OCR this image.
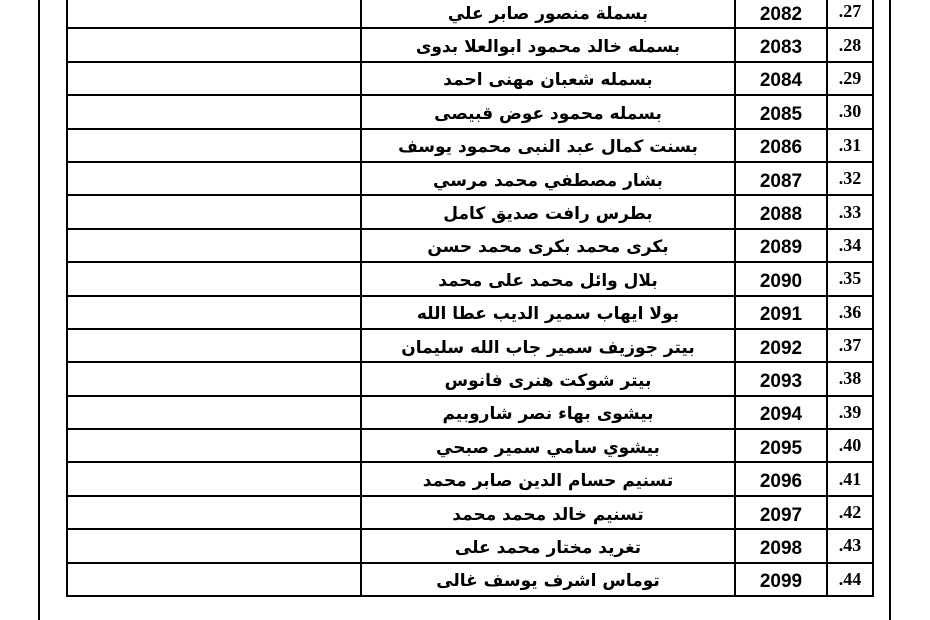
	بسملة منصور صابر علي	2082	.27
	بسمله خالد محمود ابوالعلا بدوى	2083	.28
	بسمله شعبان مهنى احمد	2084	.29
	بسمله محمود عوض قبيصى	2085	.30
	بسنت كمال عبد النبى محمود يوسف	2086	.31
	بشار مصطفي محمد مرسي	2087	.32
	بطرس رافت صديق كامل	2088	.33
	بكرى محمد بكرى محمد حسن	2089	.34
	بلال وائل محمد على محمد	2090	.35
	بولا ايهاب سمير الديب عطا الله	2091	.36
	بيتر جوزيف سمير جاب الله سليمان	2092	.37
	بيتر شوكت هنرى فانوس	2093	.38
	بيشوى بهاء نصر شاروبيم	2094	.39
	بيشوي سامي سمير صبحي	2095	.40
	تسنيم حسام الدين صابر محمد	2096	.41
	تسنيم خالد محمد محمد	2097	.42
	تغريد مختار محمد على	2098	.43
	توماس اشرف يوسف غالى	2099	.44
